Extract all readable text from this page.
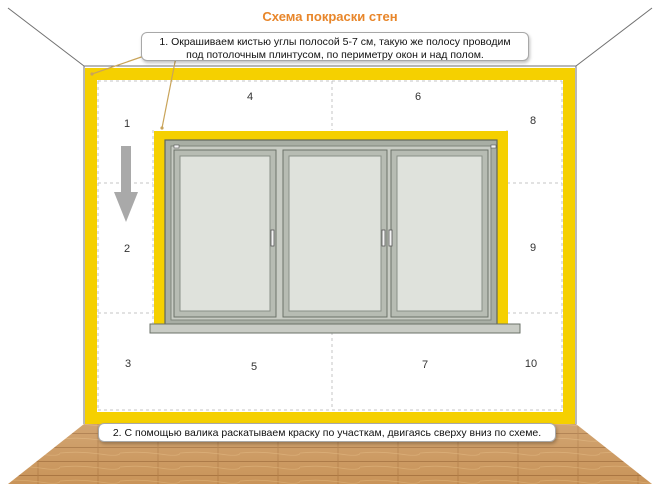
Схема покраски стен
1. Окрашиваем кистью углы полосой 5-7 см, такую же полосу проводим
под потолочным плинтусом, по периметру окон и над полом.
2. С помощью валика раскатываем краску по участкам, двигаясь сверху вниз по схеме.
1
2
3
4
5
6
7
8
9
10
